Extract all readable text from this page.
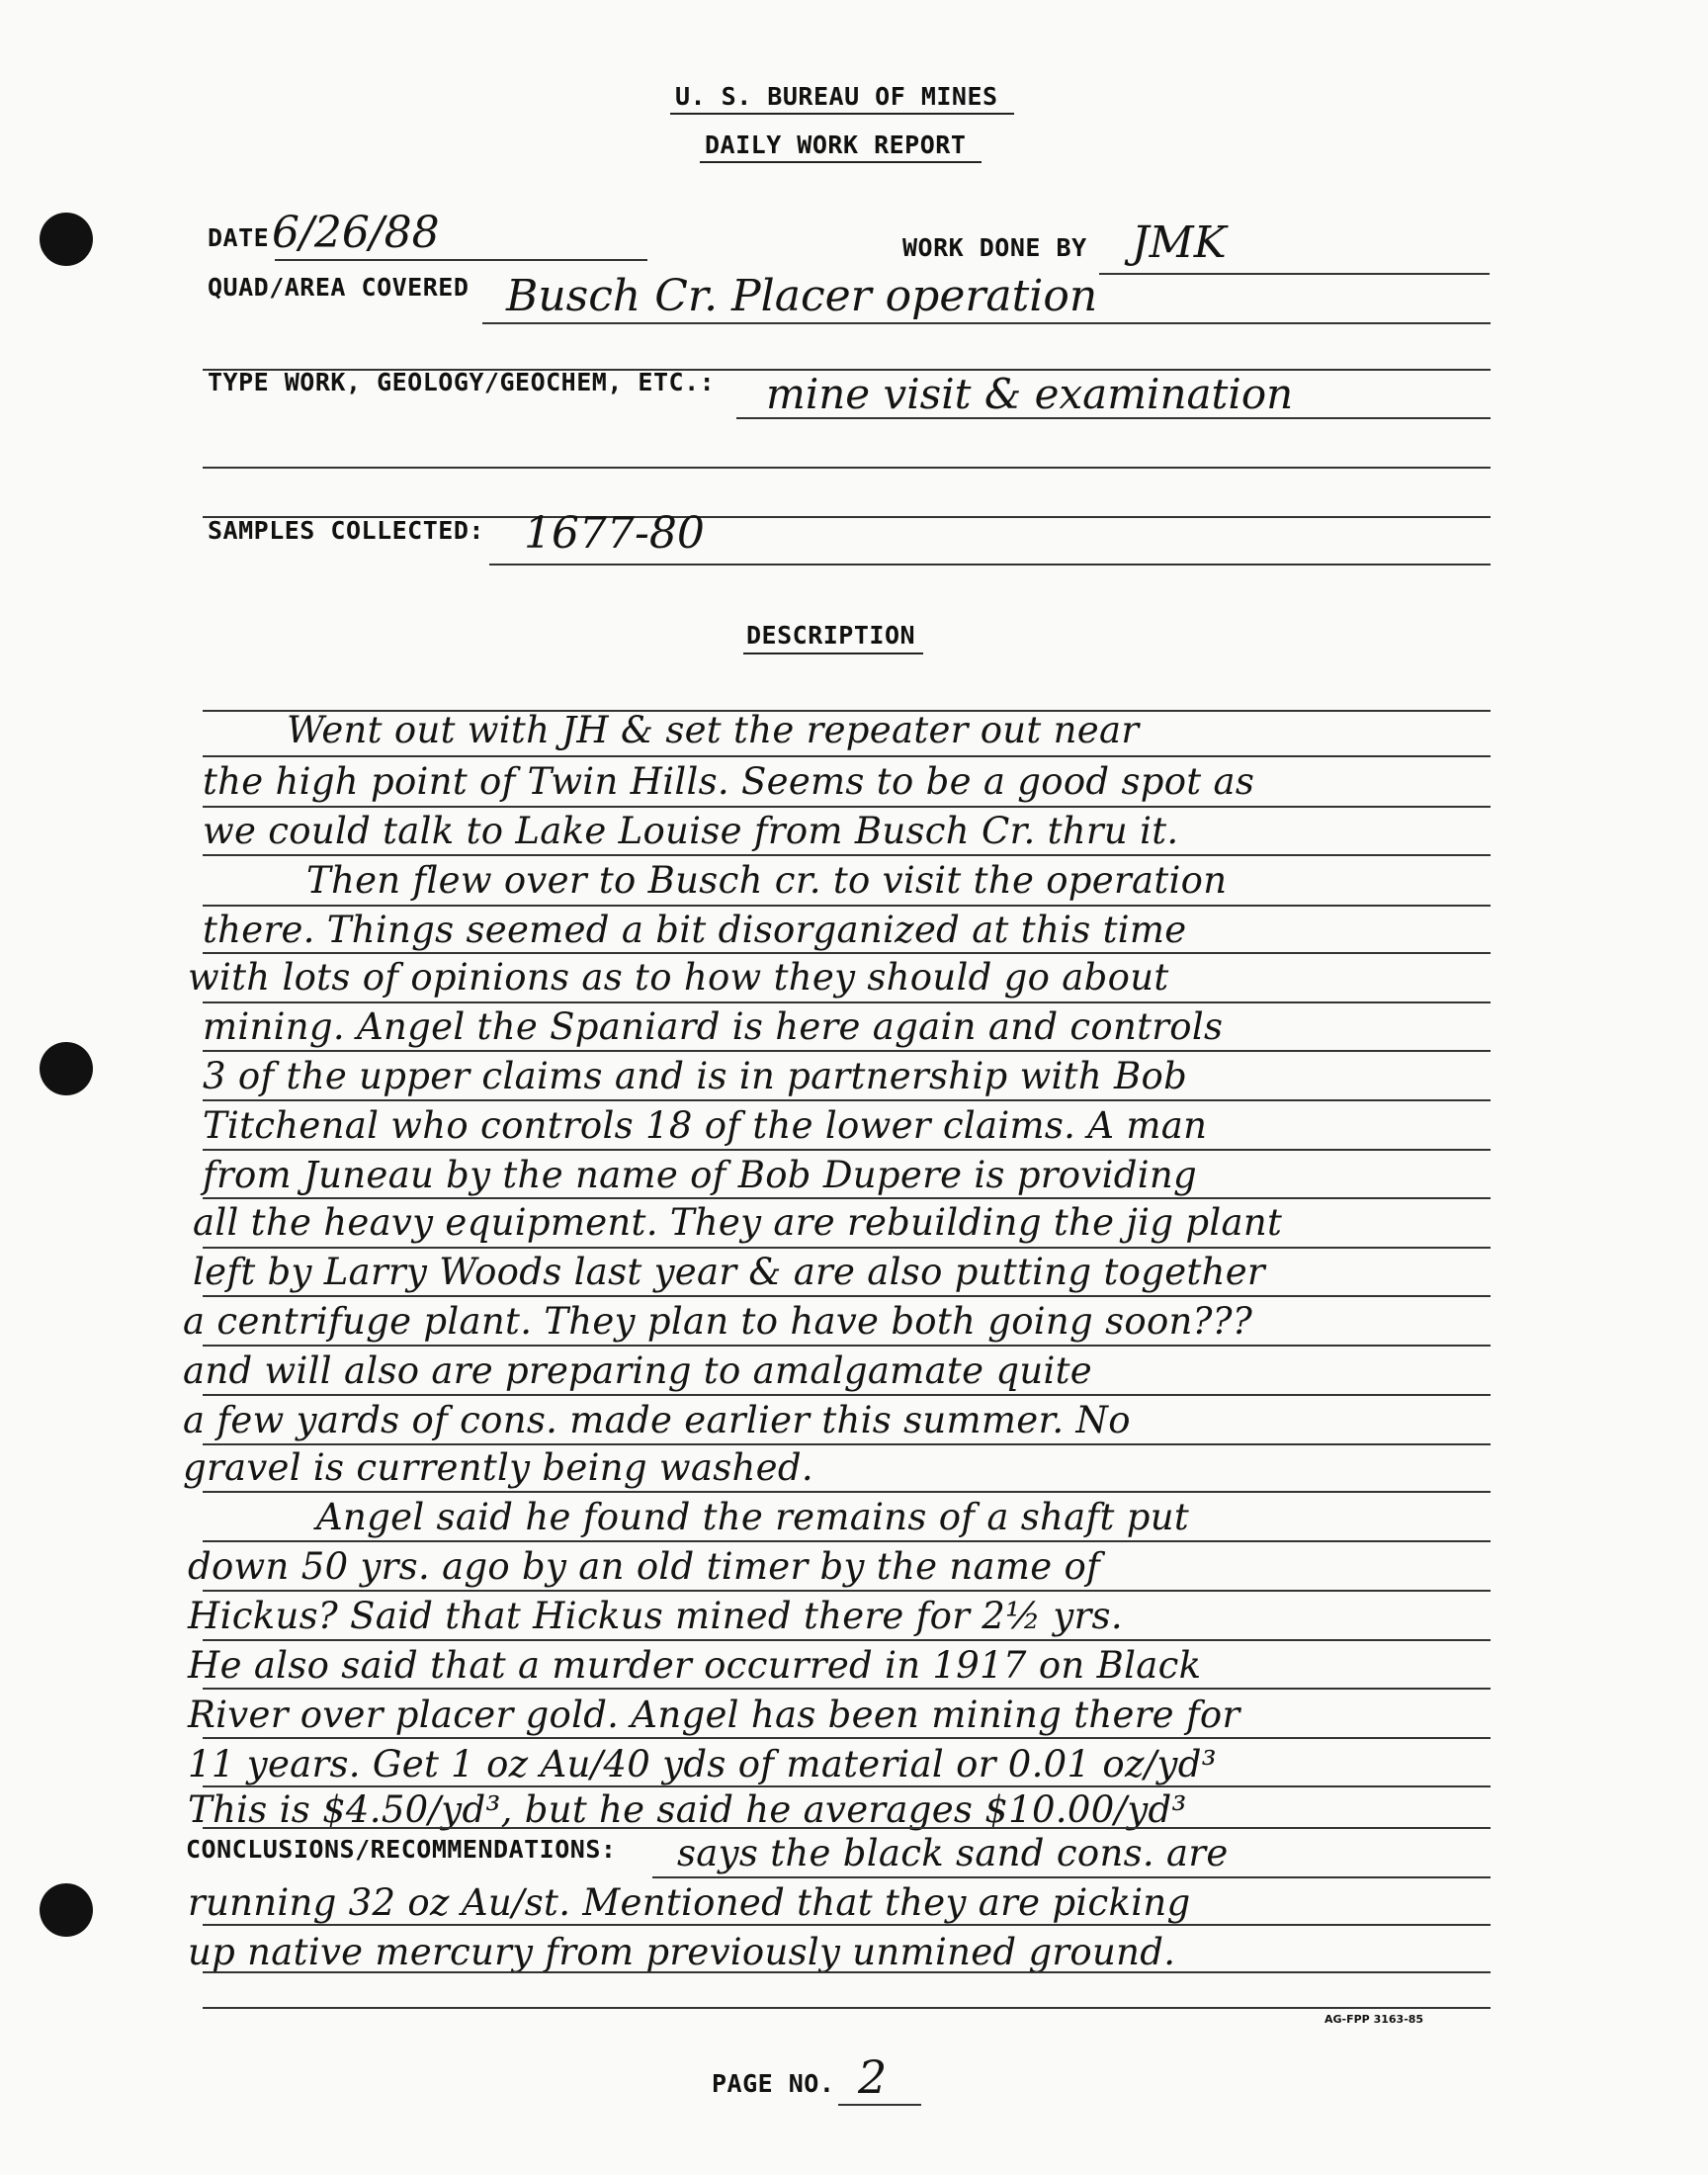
U. S. BUREAU OF MINES
DAILY WORK REPORT
DATE 6/26/88	WORK DONE BY JMK
QUAD/AREA COVERED Busch Cr. Placer operation
TYPE WORK, GEOLOGY/GEOCHEM, ETC.: mine visit & examination
SAMPLES COLLECTED: 1677-80
DESCRIPTION
Went out with JH & set the repeater out near
the high point of Twin Hills. Seems to be a good spot as
we could talk to Lake Louise from Busch Cr. thru it.
Then flew over to Busch cr. to visit the operation
there. Things seemed a bit disorganized at this time
with lots of opinions as to how they should go about
mining. Angel the Spaniard is here again and controls
3 of the upper claims and is in partnership with Bob
Titchenal who controls 18 of the lower claims. A man
from Juneau by the name of Bob Dupere is providing
all the heavy equipment. They are rebuilding the jig plant
left by Larry Woods last year & are also putting together
a centrifuge plant. They plan to have both going soon???
and will also are preparing to amalgamate quite
a few yards of cons. made earlier this summer. No
gravel is currently being washed.
Angel said he found the remains of a shaft put
down 50 yrs. ago by an old timer by the name of
Hickus? Said that Hickus mined there for 2½ yrs.
He also said that a murder occurred in 1917 on Black
River over placer gold. Angel has been mining there for
11 years. Get 1 oz Au/40 yds of material or 0.01 oz/yd³
This is $4.50/yd³, but he said he averages $10.00/yd³
CONCLUSIONS/RECOMMENDATIONS: says the black sand cons. are
running 32 oz Au/st. Mentioned that they are picking
up native mercury from previously unmined ground.
AG-FPP 3163-85
PAGE NO. 2
